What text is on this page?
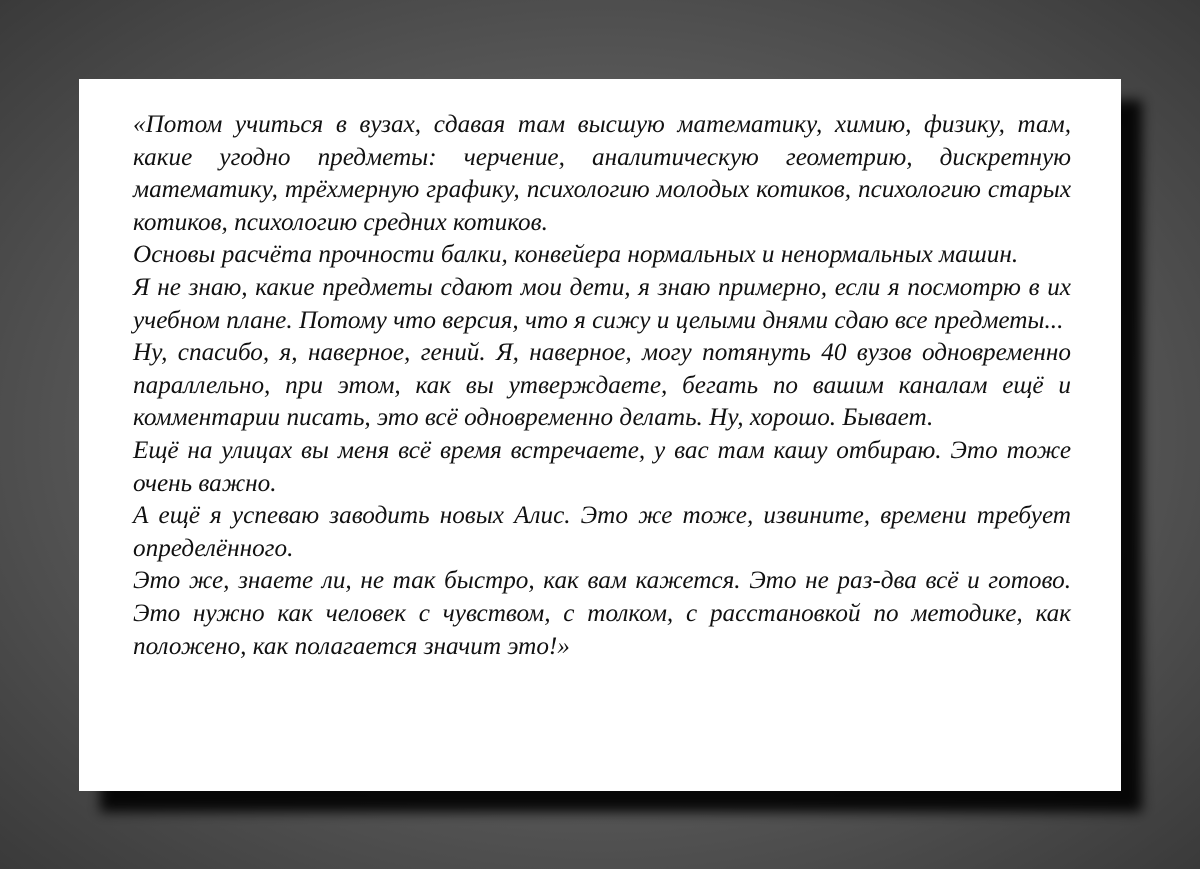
«Потом учиться в вузах, сдавая там высшую математику, химию, физику, там, какие угодно предметы: черчение, аналитическую геометрию, дискретную математику, трёхмерную графику, психологию молодых котиков, психологию старых котиков, психологию средних котиков.

Основы расчёта прочности балки, конвейера нормальных и ненормальных машин.

Я не знаю, какие предметы сдают мои дети, я знаю примерно, если я посмотрю в их учебном плане. Потому что версия, что я сижу и целыми днями сдаю все предметы...

Ну, спасибо, я, наверное, гений. Я, наверное, могу потянуть 40 вузов одновременно параллельно, при этом, как вы утверждаете, бегать по вашим каналам ещё и комментарии писать, это всё одновременно делать. Ну, хорошо. Бывает.

Ещё на улицах вы меня всё время встречаете, у вас там кашу отбираю. Это тоже очень важно.

А ещё я успеваю заводить новых Алис. Это же тоже, извините, времени требует определённого.

Это же, знаете ли, не так быстро, как вам кажется. Это не раз-два всё и готово. Это нужно как человек с чувством, с толком, с расстановкой по методике, как положено, как полагается значит это!»
